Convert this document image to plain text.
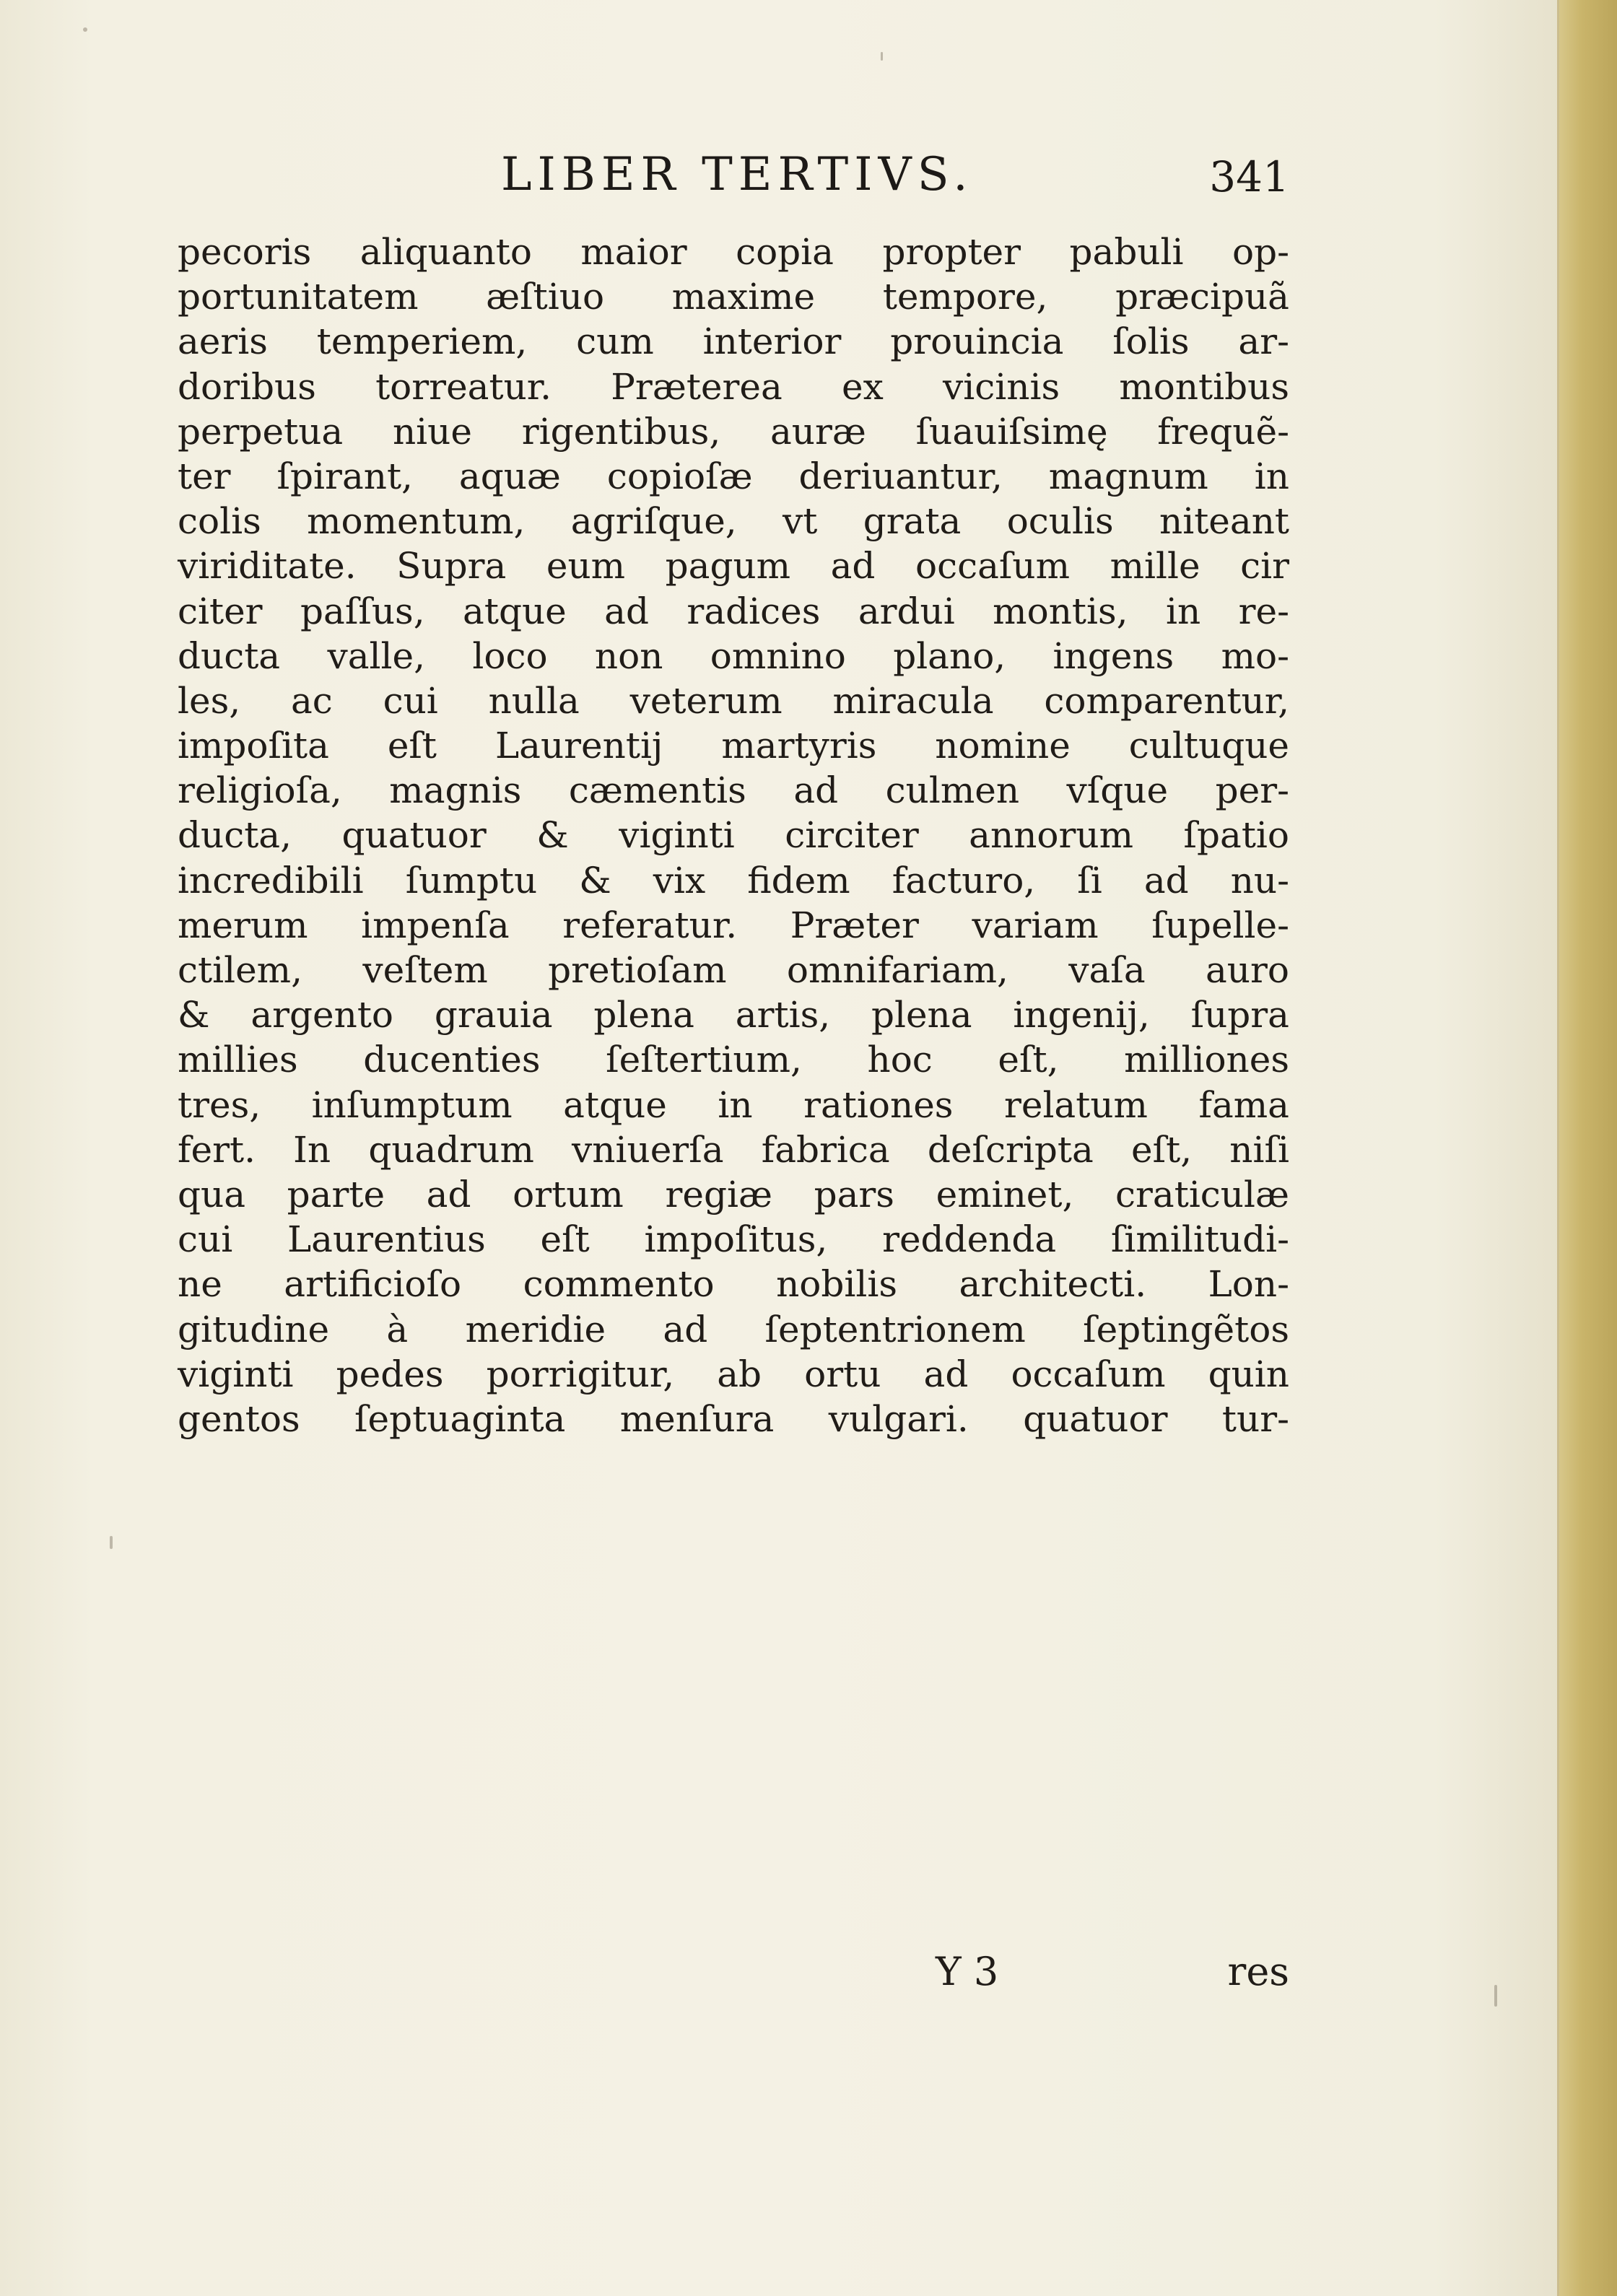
LIBER TERTIVS.	341
pecoris aliquanto maior copia propter pabuli op-
portunitatem æſtiuo maxime tempore, præcipuã
aeris temperiem, cum interior prouincia ſolis ar-
doribus torreatur. Prӕterea ex vicinis montibus
perpetua niue rigentibus, auræ ſuauiſsimę frequẽ-
ter ſpirant, aquæ copioſæ deriuantur, magnum in
colis momentum, agriſque, vt grata oculis niteant
viriditate. Supra eum pagum ad occaſum mille cir
citer paſſus, atque ad radices ardui montis, in re-
ducta valle, loco non omnino plano, ingens mo-
les, ac cui nulla veterum miracula comparentur,
impoſita eſt Laurentij martyris nomine cultuque
religioſa, magnis cæmentis ad culmen vſque per-
ducta, quatuor & viginti circiter annorum ſpatio
incredibili ſumptu & vix fidem facturo, ſi ad nu-
merum impenſa referatur. Præter variam ſupelle-
ctilem, veſtem pretioſam omnifariam, vaſa auro
& argento grauia plena artis, plena ingenij, ſupra
millies ducenties ſeſtertium, hoc eſt, milliones
tres, inſumptum atque in rationes relatum fama
fert. In quadrum vniuerſa fabrica deſcripta eſt, niſi
qua parte ad ortum regiæ pars eminet, craticulæ
cui Laurentius eſt impoſitus, reddenda ſimilitudi-
ne artificioſo commento nobilis architecti. Lon-
gitudine à meridie ad ſeptentrionem ſeptingẽtos
viginti pedes porrigitur, ab ortu ad occaſum quin
gentos ſeptuaginta menſura vulgari. quatuor tur-
Y 3	res
